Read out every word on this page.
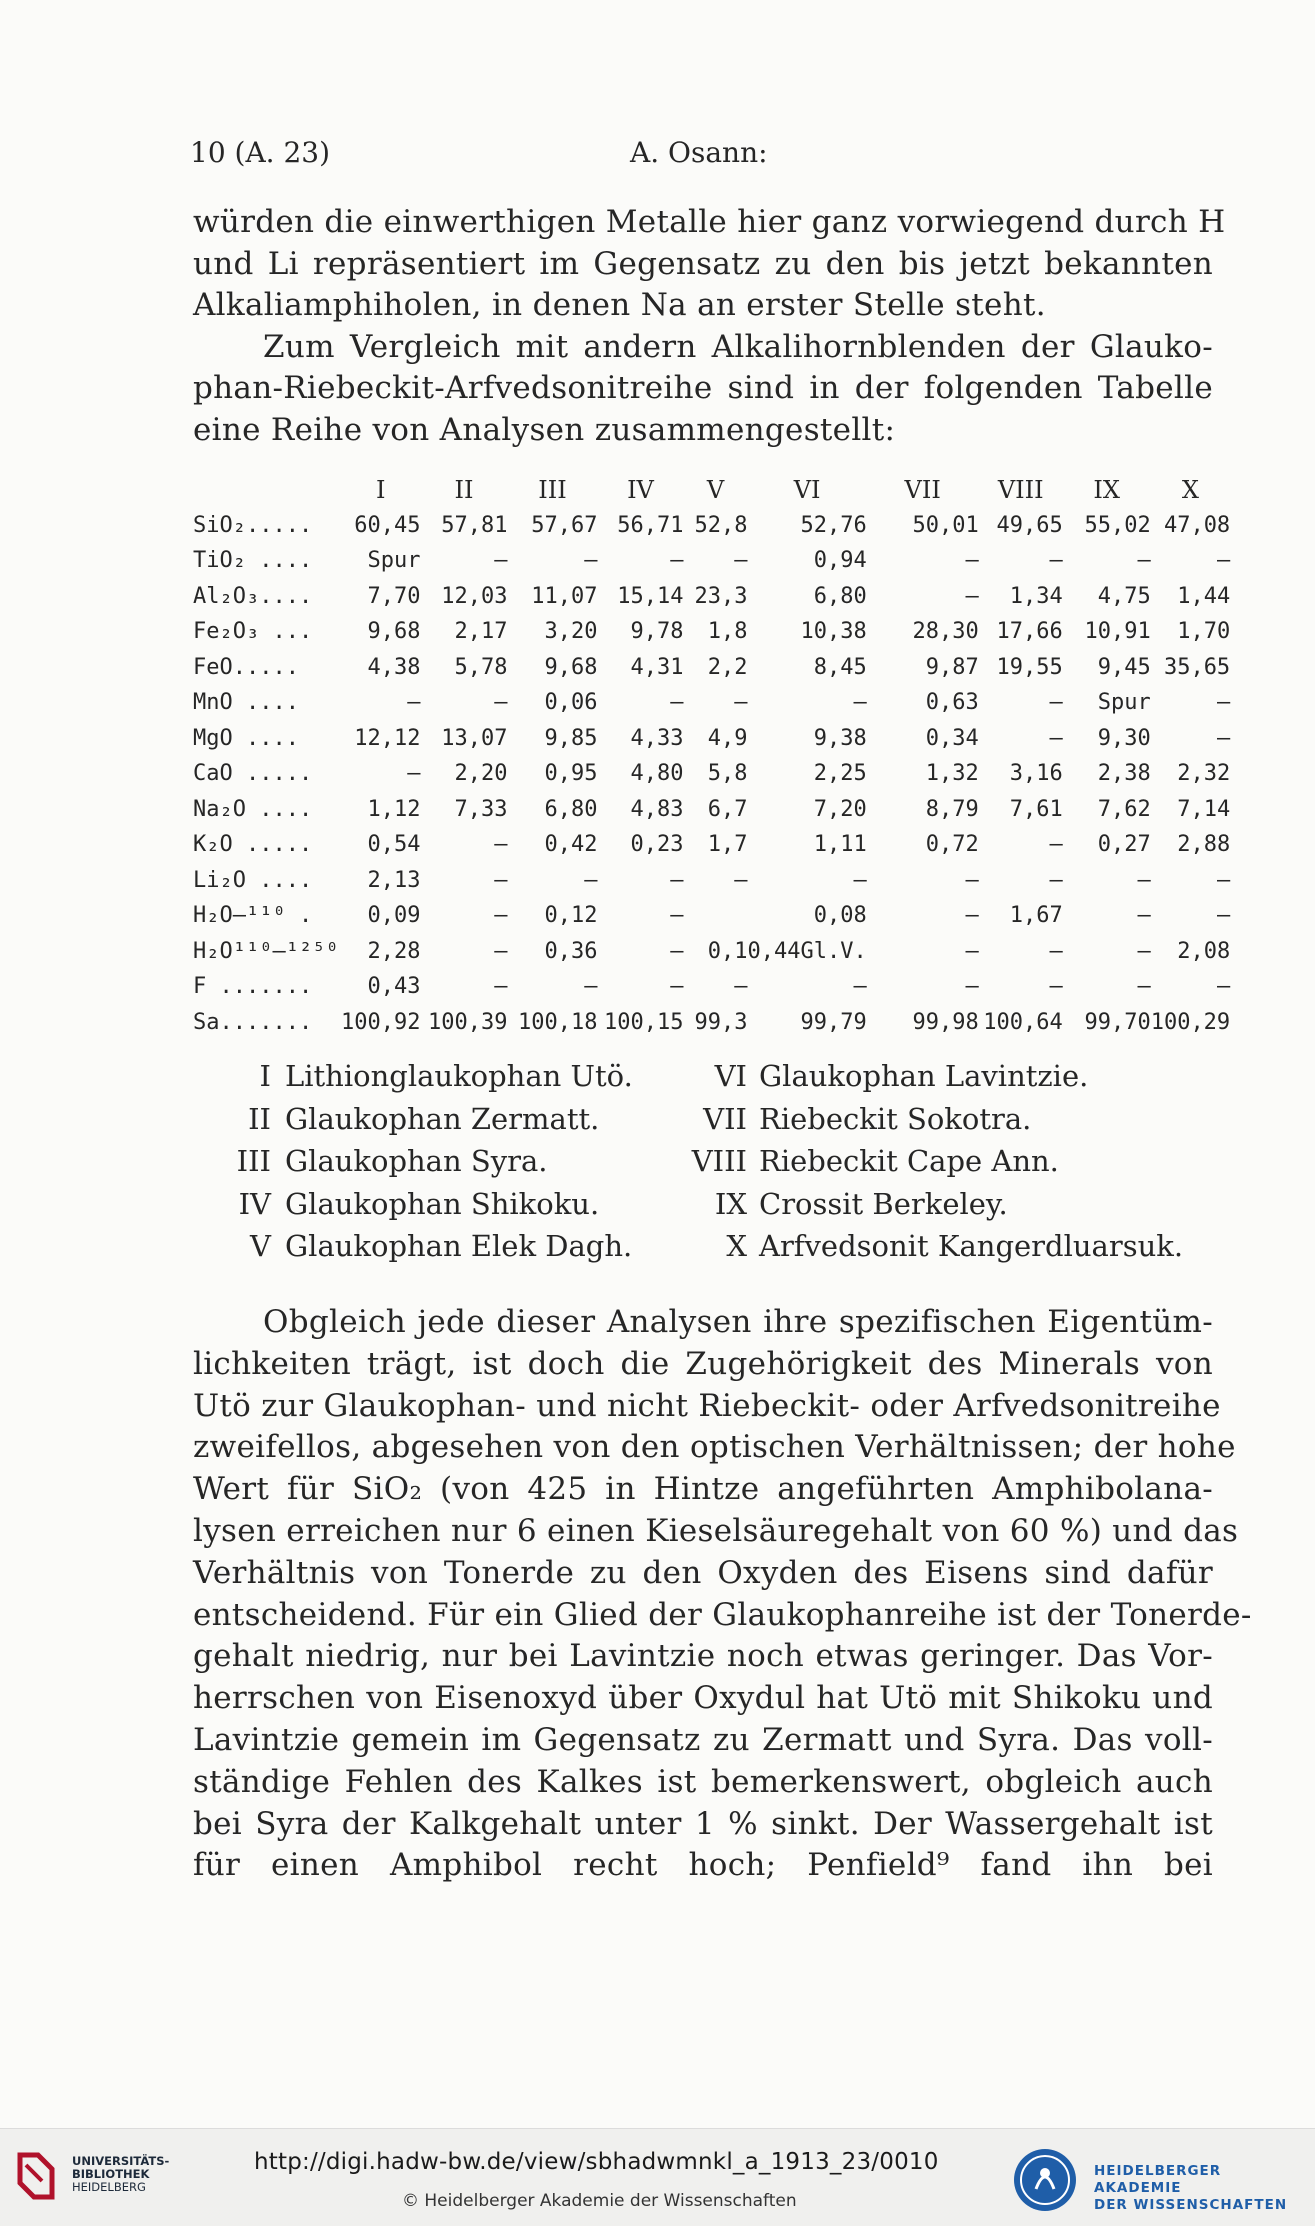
10 (A. 23)	A. Osann:
würden die einwerthigen Metalle hier ganz vorwiegend durch H
und Li repräsentiert im Gegensatz zu den bis jetzt bekannten
Alkaliamphiholen, in denen Na an erster Stelle steht.
Zum Vergleich mit andern Alkalihornblenden der Glauko-
phan-Riebeckit-Arfvedsonitreihe sind in der folgenden Tabelle
eine Reihe von Analysen zusammengestellt:
	I	II	III	IV	V	VI	VII	VIII	IX	X
SiO₂.....	60,45	57,81	57,67	56,71	52,8	52,76	50,01	49,65	55,02	47,08
TiO₂ ....	Spur	—	—	—	—	0,94	—	—	—	—
Al₂O₃....	7,70	12,03	11,07	15,14	23,3	6,80	—	1,34	4,75	1,44
Fe₂O₃ ...	9,68	2,17	3,20	9,78	1,8	10,38	28,30	17,66	10,91	1,70
FeO.....	4,38	5,78	9,68	4,31	2,2	8,45	9,87	19,55	9,45	35,65
MnO ....	—	—	0,06	—	—	—	0,63	—	Spur	—
MgO ....	12,12	13,07	9,85	4,33	4,9	9,38	0,34	—	9,30	—
CaO .....	—	2,20	0,95	4,80	5,8	2,25	1,32	3,16	2,38	2,32
Na₂O ....	1,12	7,33	6,80	4,83	6,7	7,20	8,79	7,61	7,62	7,14
K₂O .....	0,54	—	0,42	0,23	1,7	1,11	0,72	—	0,27	2,88
Li₂O ....	2,13	—	—	—	—	—	—	—	—	—
H₂O—¹¹⁰ .	0,09	—	0,12	—		0,08	—	1,67	—	—
H₂O¹¹⁰—¹²⁵⁰	2,28	—	0,36	—	0,1	0,44Gl.V.	—	—	—	2,08
F .......	0,43	—	—	—	—	—	—	—	—	—
Sa.......	100,92	100,39	100,18	100,15	99,3	99,79	99,98	100,64	99,70	100,29
I Lithionglaukophan Utö.	VI Glaukophan Lavintzie.
II Glaukophan Zermatt.	VII Riebeckit Sokotra.
III Glaukophan Syra.	VIII Riebeckit Cape Ann.
IV Glaukophan Shikoku.	IX Crossit Berkeley.
V Glaukophan Elek Dagh.	X Arfvedsonit Kangerdluarsuk.
Obgleich jede dieser Analysen ihre spezifischen Eigentüm-
lichkeiten trägt, ist doch die Zugehörigkeit des Minerals von
Utö zur Glaukophan- und nicht Riebeckit- oder Arfvedsonitreihe
zweifellos, abgesehen von den optischen Verhältnissen; der hohe
Wert für SiO₂ (von 425 in Hintze angeführten Amphibolana-
lysen erreichen nur 6 einen Kieselsäuregehalt von 60 %) und das
Verhältnis von Tonerde zu den Oxyden des Eisens sind dafür
entscheidend. Für ein Glied der Glaukophanreihe ist der Tonerde-
gehalt niedrig, nur bei Lavintzie noch etwas geringer. Das Vor-
herrschen von Eisenoxyd über Oxydul hat Utö mit Shikoku und
Lavintzie gemein im Gegensatz zu Zermatt und Syra. Das voll-
ständige Fehlen des Kalkes ist bemerkenswert, obgleich auch
bei Syra der Kalkgehalt unter 1 % sinkt. Der Wassergehalt ist
für einen Amphibol recht hoch; Penfield⁹ fand ihn bei
UNIVERSITÄTS-
BIBLIOTHEK
HEIDELBERG
http://digi.hadw-bw.de/view/sbhadwmnkl_a_1913_23/0010
© Heidelberger Akademie der Wissenschaften
HEIDELBERGER AKADEMIE
DER WISSENSCHAFTEN
